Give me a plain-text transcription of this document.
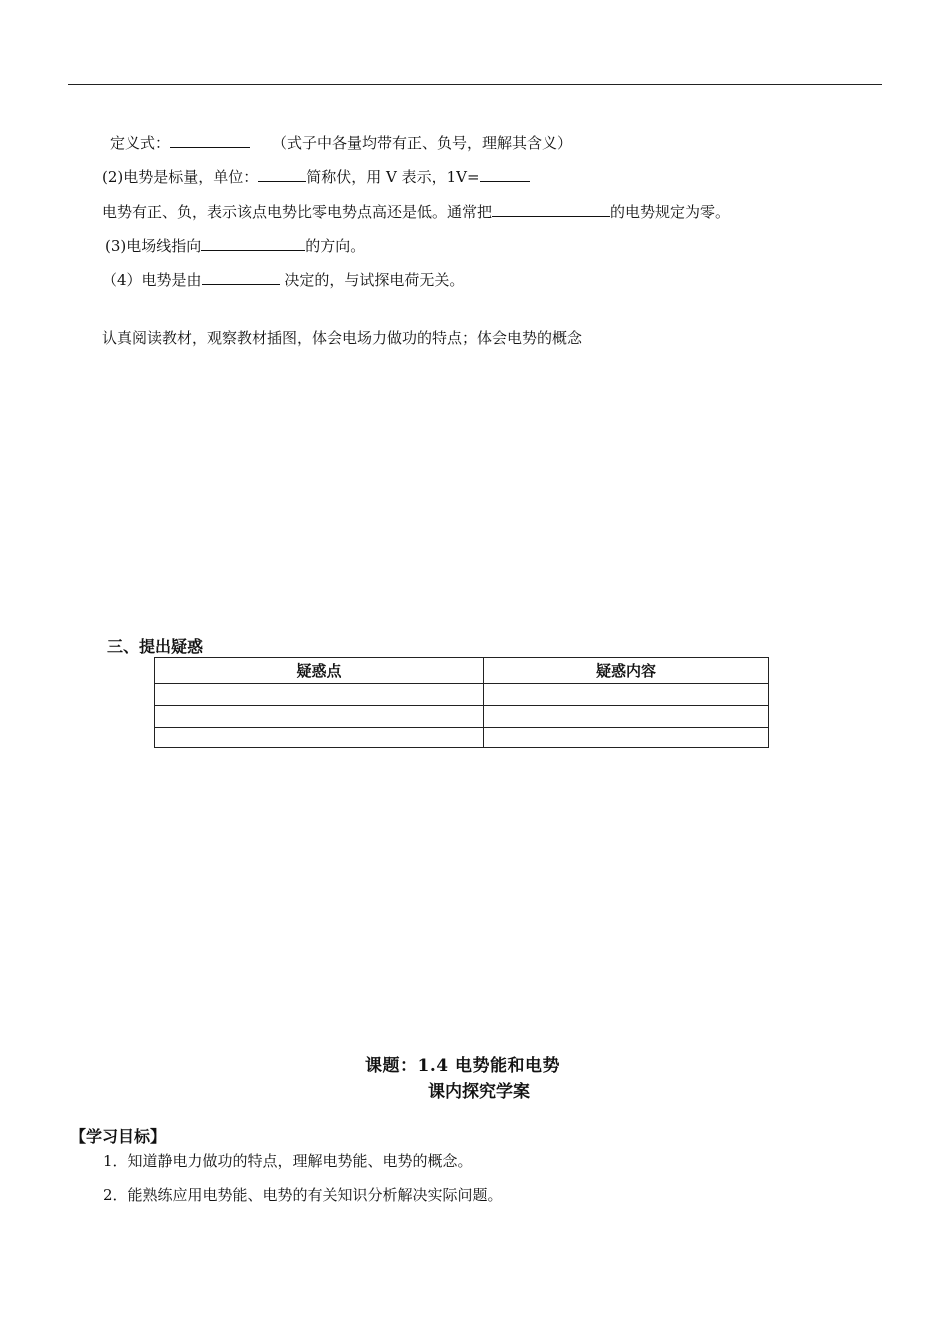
定义式：	（式子中各量均带有正、负号，理解其含义）
(2)电势是标量，单位：	简称伏，用 V 表示，1V=
电势有正、负，表示该点电势比零电势点高还是低。通常把	的电势规定为零。
(3)电场线指向	的方向。
（4）电势是由	决定的，与试探电荷无关。
认真阅读教材，观察教材插图，体会电场力做功的特点；体会电势的概念
三、提出疑惑
疑惑点	疑惑内容

课题：1.4 电势能和电势
课内探究学案
【学习目标】
1．知道静电力做功的特点，理解电势能、电势的概念。
2．能熟练应用电势能、电势的有关知识分析解决实际问题。
